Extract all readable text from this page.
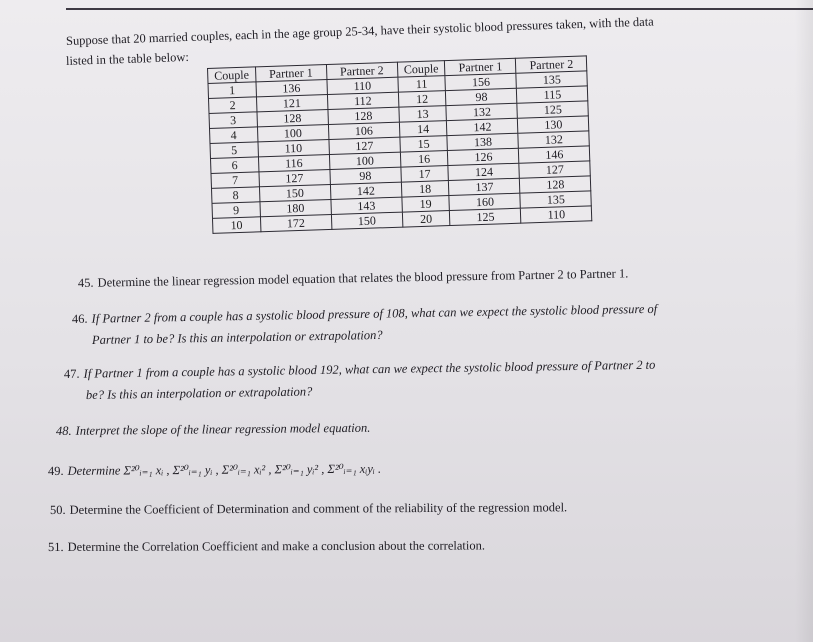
Suppose that 20 married couples, each in the age group 25-34, have their systolic blood pressures taken, with the data
listed in the table below:
Couple	Partner 1	Partner 2	Couple	Partner 1	Partner 2
1	136	110	11	156	135
2	121	112	12	98	115
3	128	128	13	132	125
4	100	106	14	142	130
5	110	127	15	138	132
6	116	100	16	126	146
7	127	98	17	124	127
8	150	142	18	137	128
9	180	143	19	160	135
10	172	150	20	125	110
45. Determine the linear regression model equation that relates the blood pressure from Partner 2 to Partner 1.
46. If Partner 2 from a couple has a systolic blood pressure of 108, what can we expect the systolic blood pressure of
Partner 1 to be? Is this an interpolation or extrapolation?
47. If Partner 1 from a couple has a systolic blood 192, what can we expect the systolic blood pressure of Partner 2 to
be? Is this an interpolation or extrapolation?
48. Interpret the slope of the linear regression model equation.
49. Determine Σ²⁰ᵢ₌₁ xᵢ , Σ²⁰ᵢ₌₁ yᵢ , Σ²⁰ᵢ₌₁ xᵢ² , Σ²⁰ᵢ₌₁ yᵢ² , Σ²⁰ᵢ₌₁ xᵢyᵢ .
50. Determine the Coefficient of Determination and comment of the reliability of the regression model.
51. Determine the Correlation Coefficient and make a conclusion about the correlation.
